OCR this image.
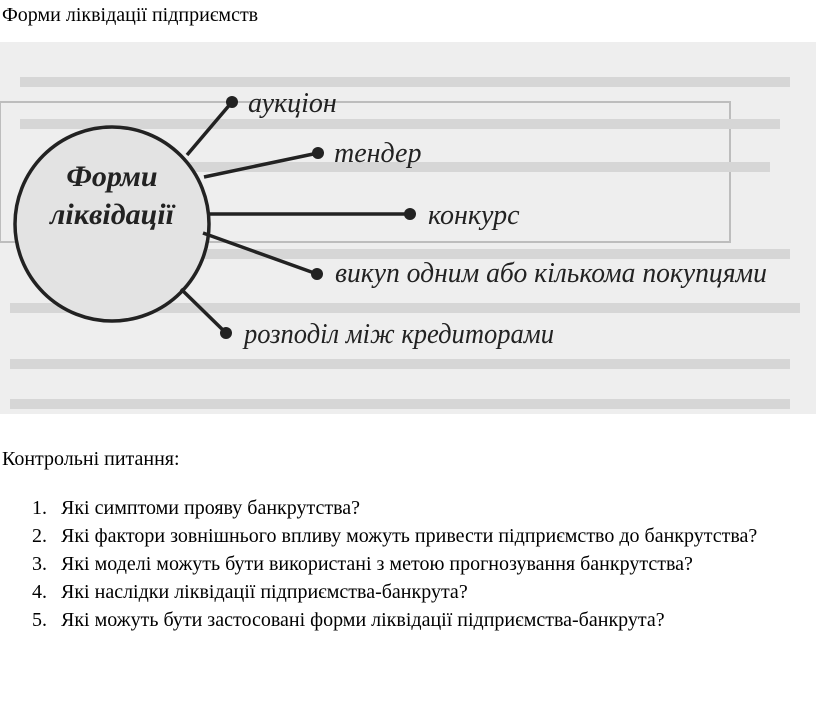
Форми ліквідації підприємств
Форми
ліквідації
аукціон
тендер
конкурс
викуп одним або кількома покупцями
розподіл між кредиторами
Контрольні питання:
1. Які симптоми прояву банкрутства?
2. Які фактори зовнішнього впливу можуть привести підприємство до банкрутства?
3. Які моделі можуть бути використані з метою прогнозування банкрутства?
4. Які наслідки ліквідації підприємства-банкрута?
5. Які можуть бути застосовані форми ліквідації підприємства-банкрута?
